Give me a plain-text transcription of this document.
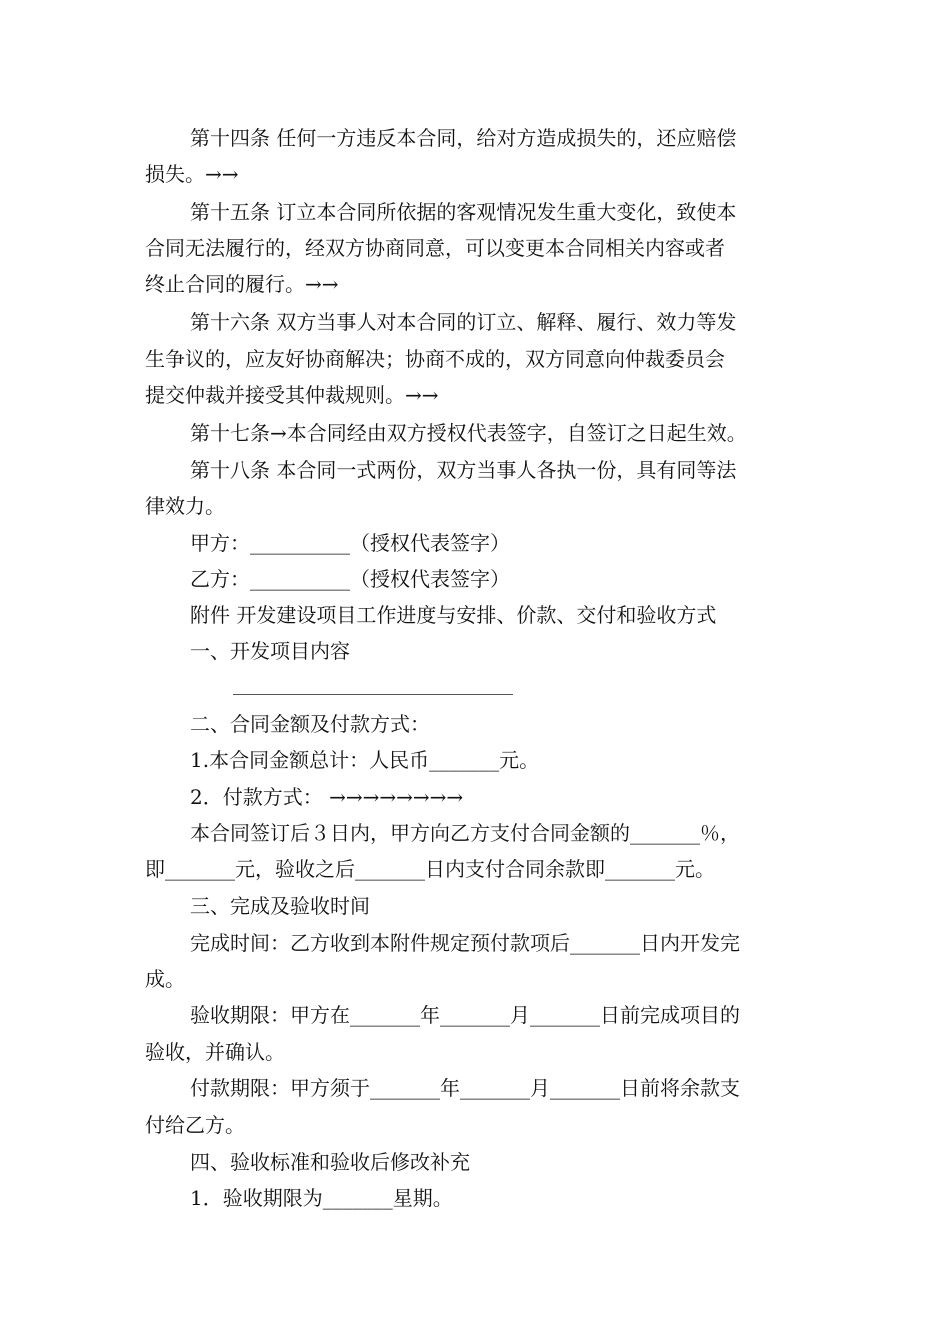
第十四条 任何一方违反本合同，给对方造成损失的，还应赔偿
损失。→→
第十五条 订立本合同所依据的客观情况发生重大变化，致使本
合同无法履行的，经双方协商同意，可以变更本合同相关内容或者
终止合同的履行。→→
第十六条 双方当事人对本合同的订立、解释、履行、效力等发
生争议的，应友好协商解决；协商不成的，双方同意向仲裁委员会
提交仲裁并接受其仲裁规则。→→
第十七条→本合同经由双方授权代表签字，自签订之日起生效。
第十八条 本合同一式两份，双方当事人各执一份，具有同等法
律效力。
甲方：__________（授权代表签字）
乙方：__________（授权代表签字）
附件 开发建设项目工作进度与安排、价款、交付和验收方式
一、开发项目内容
二、合同金额及付款方式：
1.本合同金额总计：人民币_______元。
2．付款方式： →→→→→→→→
本合同签订后３日内，甲方向乙方支付合同金额的_______％，
即_______元，验收之后_______日内支付合同余款即_______元。
三、完成及验收时间
完成时间：乙方收到本附件规定预付款项后_______日内开发完
成。
验收期限：甲方在_______年_______月_______日前完成项目的
验收，并确认。
付款期限：甲方须于_______年_______月_______日前将余款支
付给乙方。
四、验收标准和验收后修改补充
1．验收期限为_______星期。
